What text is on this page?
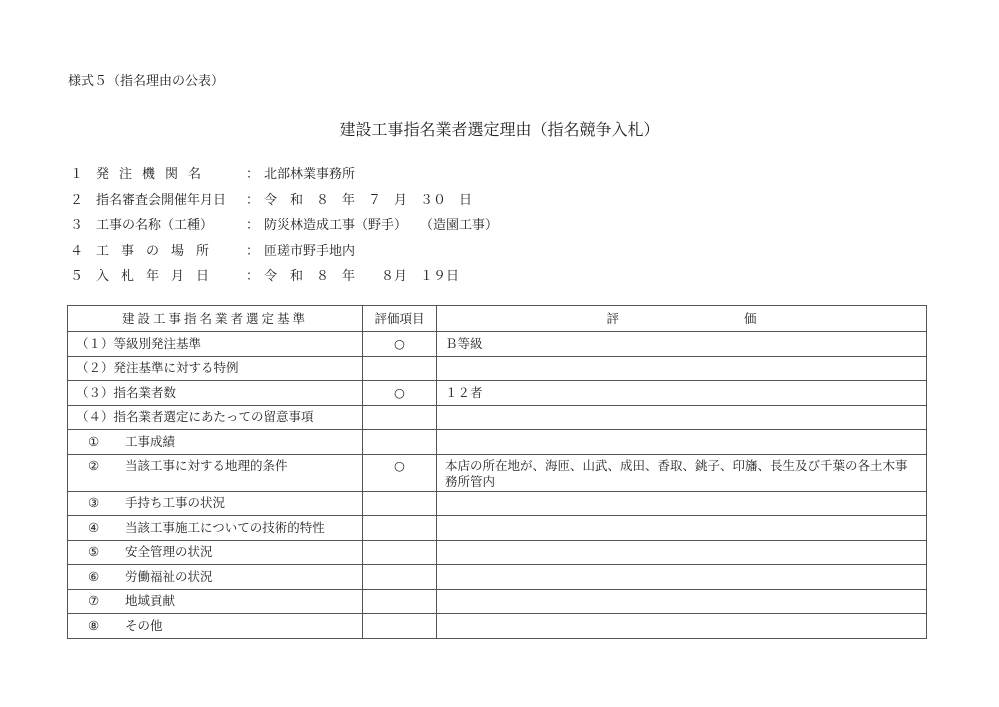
様式５（指名理由の公表）
建設工事指名業者選定理由（指名競争入札）
１ 発注機関名	： 北部林業事務所
２ 指名審査会開催年月日	： 令　和　８　年　７　月　３０　日
３ 工事の名称（工種）	： 防災林造成工事（野手）　　（造園工事）
４ 工事の場所	： 匝瑳市野手地内
５ 入札年月日	： 令　和　８　年　　８月　１９日
建設工事指名業者選定基準	評価項目	評　　価
（１）等級別発注基準	○	Ｂ等級
（２）発注基準に対する特例		
（３）指名業者数	○	１２者
（４）指名業者選定にあたっての留意事項		
① 工事成績		
② 当該工事に対する地理的条件	○	本店の所在地が、海匝、山武、成田、香取、銚子、印旛、長生及び千葉の各土木事務所管内
③ 手持ち工事の状況		
④ 当該工事施工についての技術的特性		
⑤ 安全管理の状況		
⑥ 労働福祉の状況		
⑦ 地域貢献		
⑧ その他		
